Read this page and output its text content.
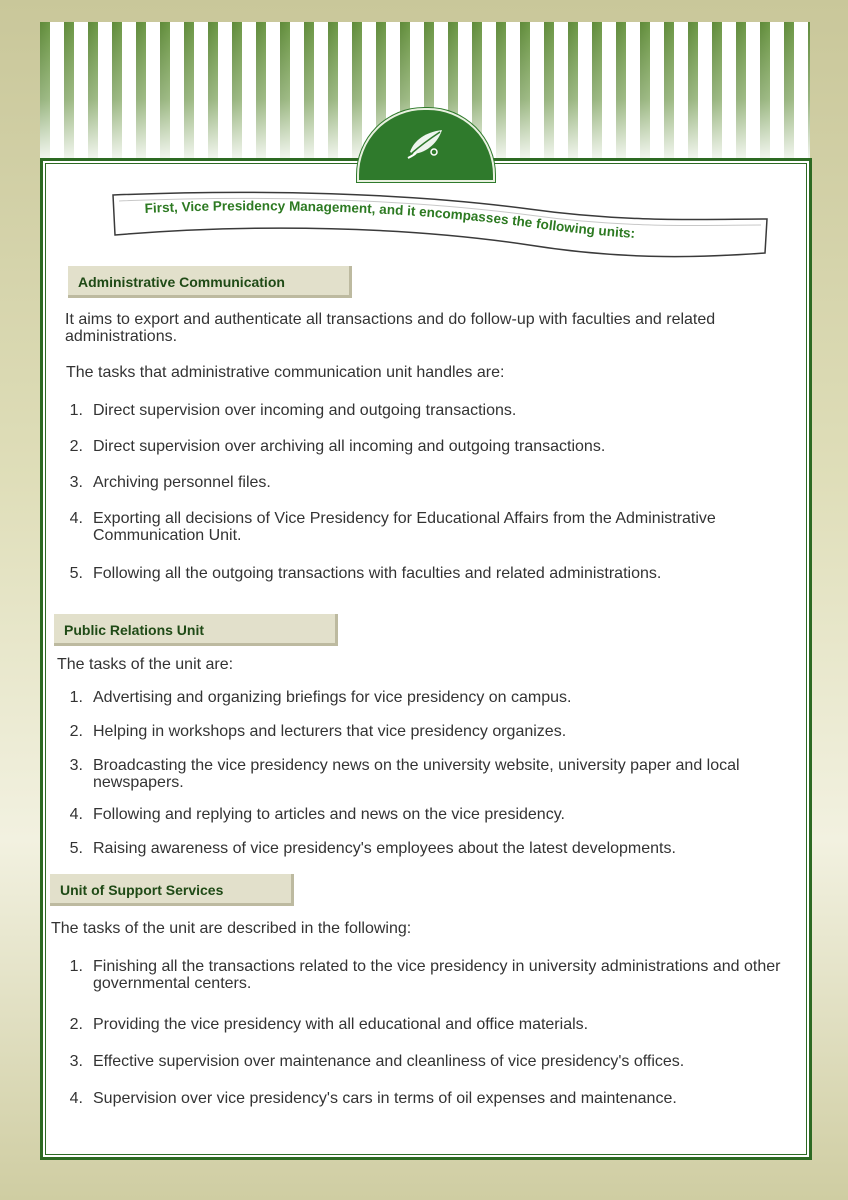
First, Vice Presidency Management, and it encompasses the following units:
Administrative Communication
It aims to export and authenticate all transactions and do follow-up with faculties and related administrations.
The tasks that administrative communication unit handles are:
1. Direct supervision over incoming and outgoing transactions.
2. Direct supervision over archiving all incoming and outgoing transactions.
3. Archiving personnel files.
4. Exporting all decisions of Vice Presidency for Educational Affairs from the Administrative Communication Unit.
5. Following all the outgoing transactions with faculties and related administrations.
Public Relations Unit
The tasks of the unit are:
1. Advertising and organizing briefings for vice presidency on campus.
2. Helping in workshops and lecturers that vice presidency organizes.
3. Broadcasting the vice presidency news on the university website, university paper and local newspapers.
4. Following and replying to articles and news on the vice presidency.
5. Raising awareness of vice presidency's employees about the latest developments.
Unit of Support Services
The tasks of the unit are described in the following:
1. Finishing all the transactions related to the vice presidency in university administrations and other governmental centers.
2. Providing the vice presidency with all educational and office materials.
3. Effective supervision over maintenance and cleanliness of vice presidency's offices.
4. Supervision over vice presidency's cars in terms of oil expenses and maintenance.
